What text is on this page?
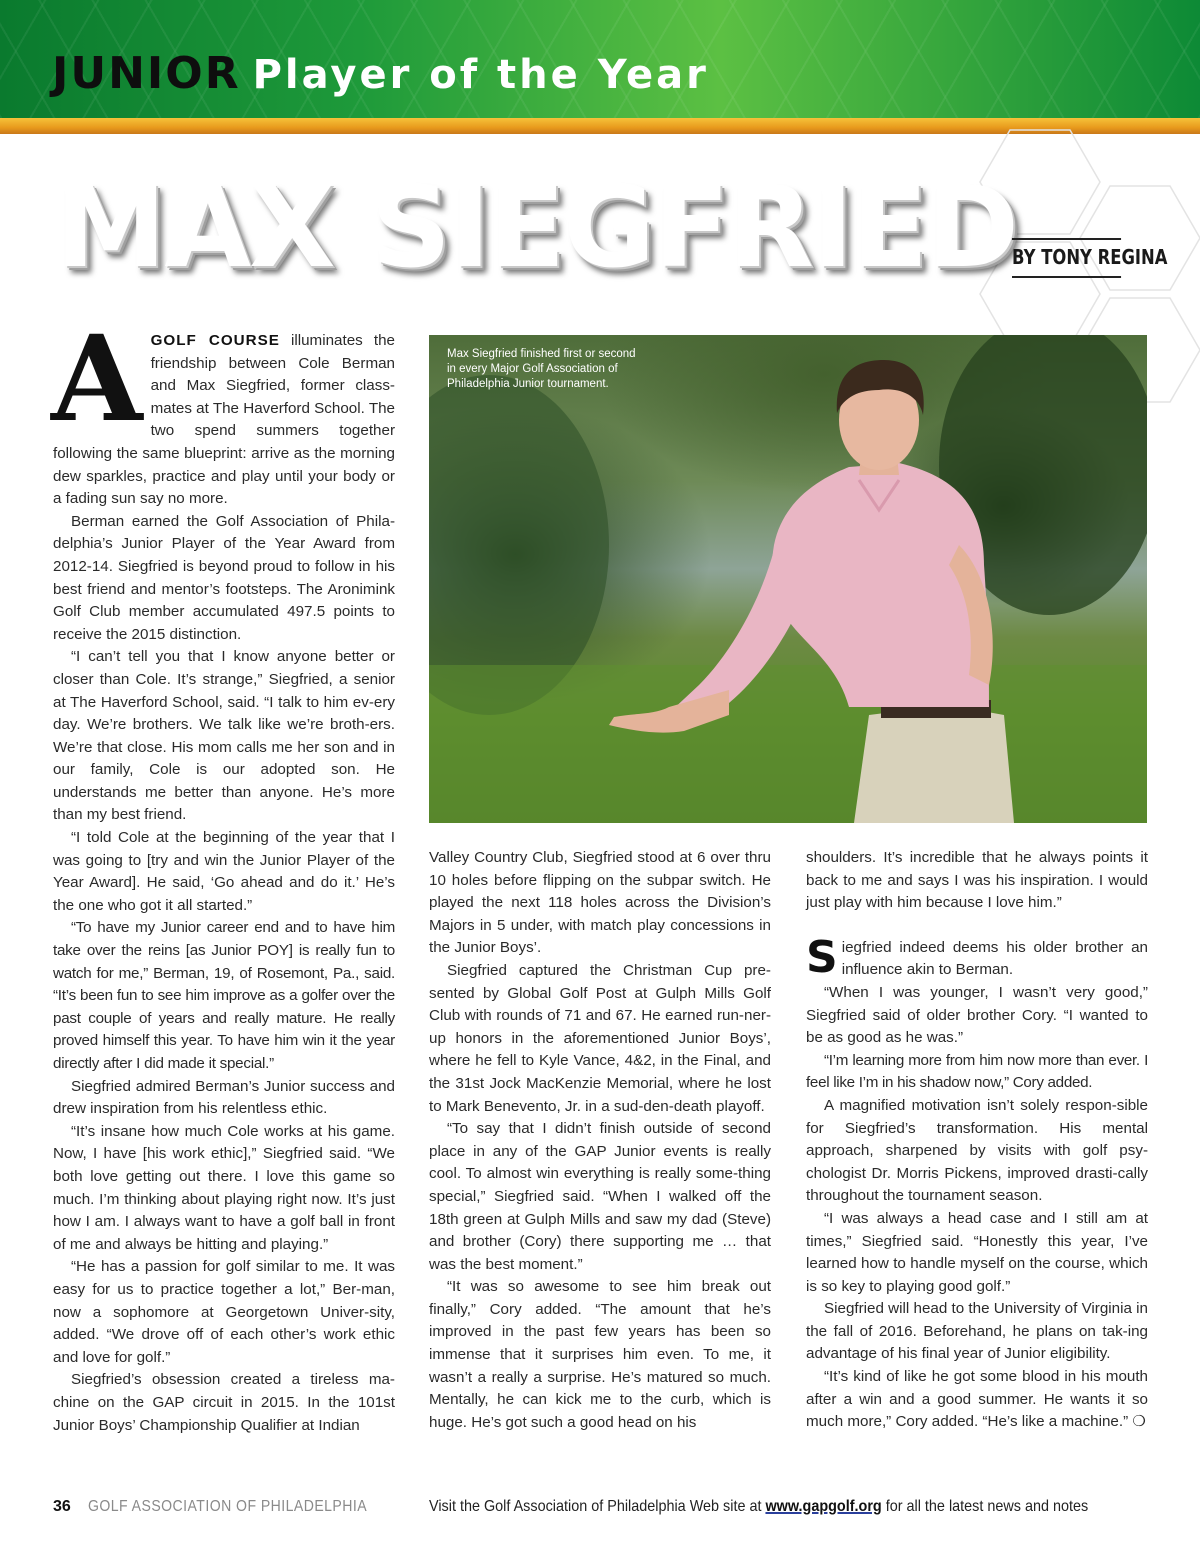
JUNIOR Player of the Year
MAX SIEGFRIED
BY TONY REGINA

AGOLF COURSE illuminates the friendship between Cole Berman and Max Siegfried, former class-mates at The Haverford School. The two spend summers together following the same blueprint: arrive as the morning dew sparkles, practice and play until your body or a fading sun say no more.

Berman earned the Golf Association of Phila-delphia’s Junior Player of the Year Award from 2012-14. Siegfried is beyond proud to follow in his best friend and mentor’s footsteps. The Aronimink Golf Club member accumulated 497.5 points to receive the 2015 distinction.

“I can’t tell you that I know anyone better or closer than Cole. It’s strange,” Siegfried, a senior at The Haverford School, said. “I talk to him ev-ery day. We’re brothers. We talk like we’re broth-ers. We’re that close. His mom calls me her son and in our family, Cole is our adopted son. He understands me better than anyone. He’s more than my best friend.

“I told Cole at the beginning of the year that I was going to [try and win the Junior Player of the Year Award]. He said, ‘Go ahead and do it.’ He’s the one who got it all started.”

“To have my Junior career end and to have him take over the reins [as Junior POY] is really fun to watch for me,” Berman, 19, of Rosemont, Pa., said. “It’s been fun to see him improve as a golfer over the past couple of years and really mature. He really proved himself this year. To have him win it the year directly after I did made it special.”

Siegfried admired Berman’s Junior success and drew inspiration from his relentless ethic.

“It’s insane how much Cole works at his game. Now, I have [his work ethic],” Siegfried said. “We both love getting out there. I love this game so much. I’m thinking about playing right now. It’s just how I am. I always want to have a golf ball in front of me and always be hitting and playing.”

“He has a passion for golf similar to me. It was easy for us to practice together a lot,” Ber-man, now a sophomore at Georgetown Univer-sity, added. “We drove off of each other’s work ethic and love for golf.”

Siegfried’s obsession created a tireless ma-chine on the GAP circuit in 2015. In the 101st Junior Boys’ Championship Qualifier at Indian

Max Siegfried finished first or second in every Major Golf Association of Philadelphia Junior tournament.

Valley Country Club, Siegfried stood at 6 over thru 10 holes before flipping on the subpar switch. He played the next 118 holes across the Division’s Majors in 5 under, with match play concessions in the Junior Boys’.

Siegfried captured the Christman Cup pre-sented by Global Golf Post at Gulph Mills Golf Club with rounds of 71 and 67. He earned run-ner-up honors in the aforementioned Junior Boys’, where he fell to Kyle Vance, 4&2, in the Final, and the 31st Jock MacKenzie Memorial, where he lost to Mark Benevento, Jr. in a sud-den-death playoff.

“To say that I didn’t finish outside of second place in any of the GAP Junior events is really cool. To almost win everything is really some-thing special,” Siegfried said. “When I walked off the 18th green at Gulph Mills and saw my dad (Steve) and brother (Cory) there supporting me … that was the best moment.”

“It was so awesome to see him break out finally,” Cory added. “The amount that he’s improved in the past few years has been so immense that it surprises him even. To me, it wasn’t a really a surprise. He’s matured so much. Mentally, he can kick me to the curb, which is huge. He’s got such a good head on his

shoulders. It’s incredible that he always points it back to me and says I was his inspiration. I would just play with him because I love him.”

Siegfried indeed deems his older brother an influence akin to Berman.

“When I was younger, I wasn’t very good,” Siegfried said of older brother Cory. “I wanted to be as good as he was.”

“I’m learning more from him now more than ever. I feel like I’m in his shadow now,” Cory added.

A magnified motivation isn’t solely respon-sible for Siegfried’s transformation. His mental approach, sharpened by visits with golf psy-chologist Dr. Morris Pickens, improved drasti-cally throughout the tournament season.

“I was always a head case and I still am at times,” Siegfried said. “Honestly this year, I’ve learned how to handle myself on the course, which is so key to playing good golf.”

Siegfried will head to the University of Virginia in the fall of 2016. Beforehand, he plans on tak-ing advantage of his final year of Junior eligibility.

“It’s kind of like he got some blood in his mouth after a win and a good summer. He wants it so much more,” Cory added. “He’s like a machine.” ❍

36 GOLF ASSOCIATION OF PHILADELPHIA	Visit the Golf Association of Philadelphia Web site at www.gapgolf.org for all the latest news and notes
